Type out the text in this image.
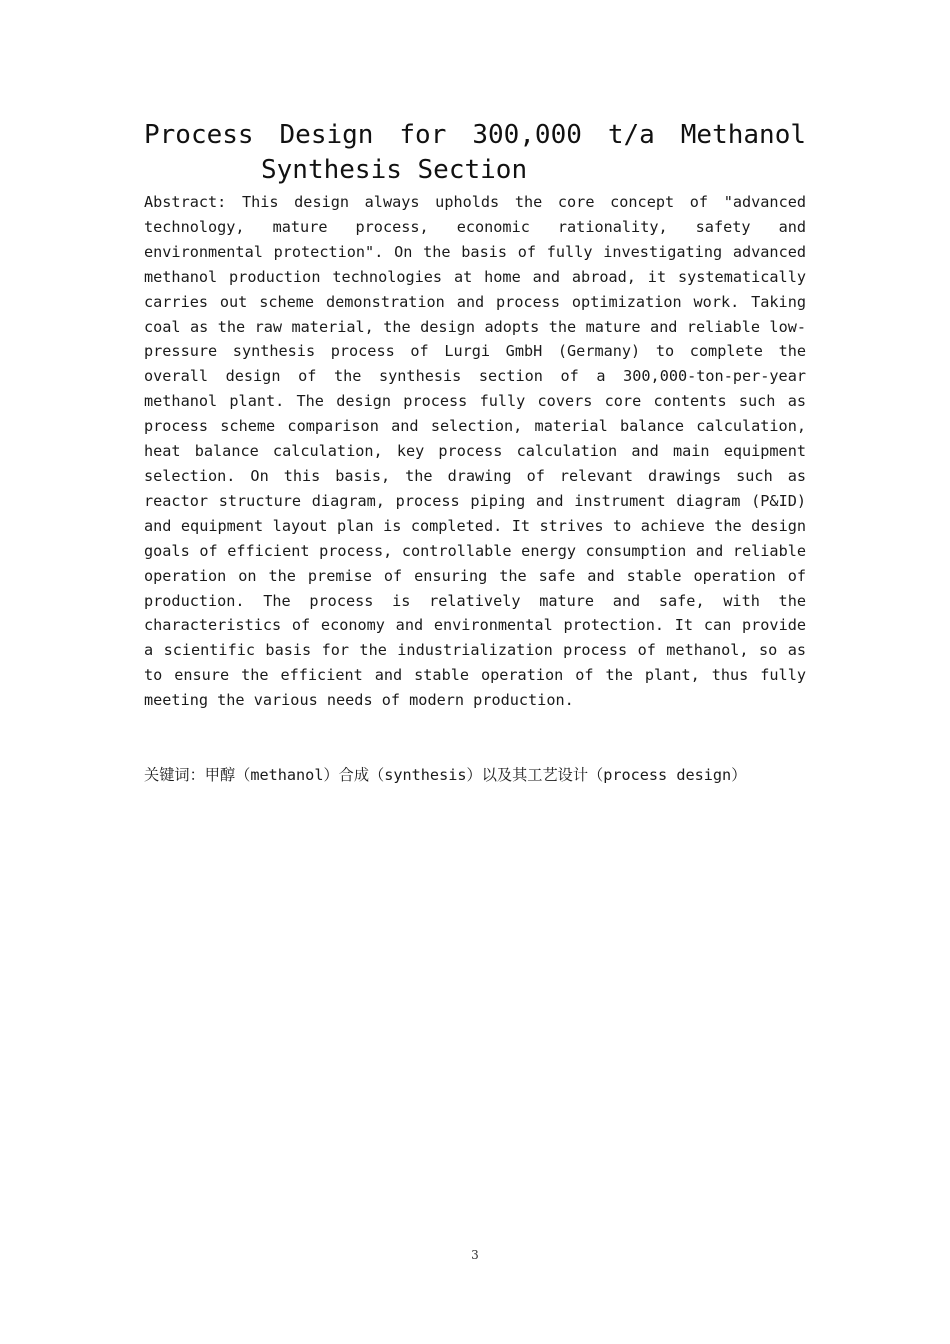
Process Design for 300,000 t/a Methanol
Synthesis Section

Abstract: This design always upholds the core concept of "advanced technology, mature process, economic rationality, safety and environmental protection". On the basis of fully investigating advanced methanol production technologies at home and abroad, it systematically carries out scheme demonstration and process optimization work. Taking coal as the raw material, the design adopts the mature and reliable low-pressure synthesis process of Lurgi GmbH (Germany) to complete the overall design of the synthesis section of a 300,000-ton-per-year methanol plant. The design process fully covers core contents such as process scheme comparison and selection, material balance calculation, heat balance calculation, key process calculation and main equipment selection. On this basis, the drawing of relevant drawings such as reactor structure diagram, process piping and instrument diagram (P&ID) and equipment layout plan is completed. It strives to achieve the design goals of efficient process, controllable energy consumption and reliable operation on the premise of ensuring the safe and stable operation of production. The process is relatively mature and safe, with the characteristics of economy and environmental protection. It can provide a scientific basis for the industrialization process of methanol, so as to ensure the efficient and stable operation of the plant, thus fully meeting the various needs of modern production.

关键词：甲醇（methanol）合成（synthesis）以及其工艺设计（process design）

3
